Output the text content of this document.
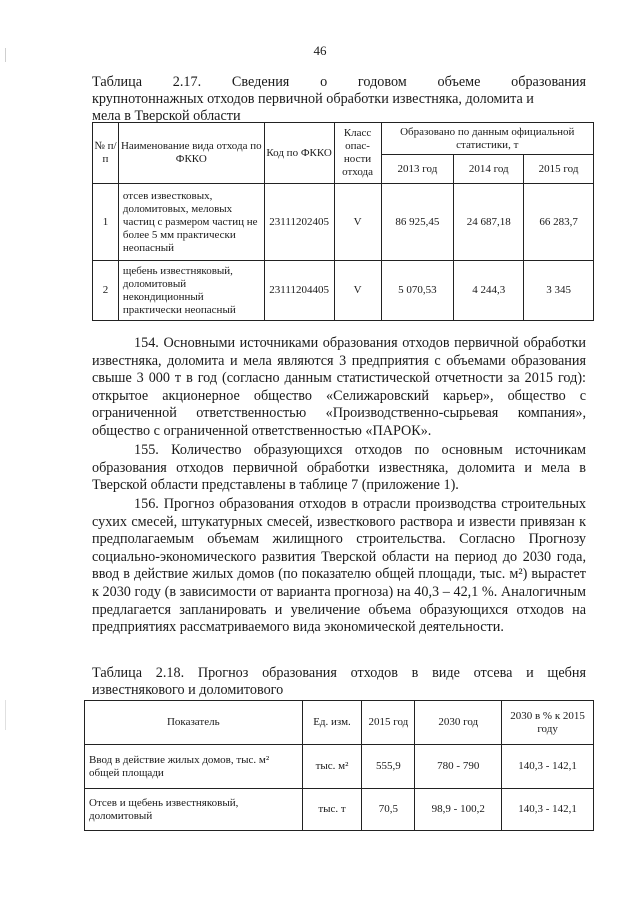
46
Таблица 2.17. Сведения о годовом объеме образования
крупнотоннажных отходов первичной обработки известняка, доломита и
мела в Тверской области
№ п/п	Наименование вида отхода по ФККО	Код по ФККО	Класс опас-ности отхода	Образовано по данным официальной статистики, т		
				2013 год	2014 год	2015 год
1	отсев известковых, доломитовых, меловых частиц с размером частиц не более 5 мм практически неопасный	23111202405	V	86 925,45	24 687,18	66 283,7
2	щебень известняковый, доломитовый некондиционный практически неопасный	23111204405	V	5 070,53	4 244,3	3 345

154. Основными источниками образования отходов первичной обработки известняка, доломита и мела являются 3 предприятия с объемами образования свыше 3 000 т в год (согласно данным статистической отчетности за 2015 год): открытое акционерное общество «Селижаровский карьер», общество с ограниченной ответственностью «Производственно-сырьевая компания», общество с ограниченной ответственностью «ПАРОК».

155. Количество образующихся отходов по основным источникам образования отходов первичной обработки известняка, доломита и мела в Тверской области представлены в таблице 7 (приложение 1).

156. Прогноз образования отходов в отрасли производства строительных сухих смесей, штукатурных смесей, известкового раствора и извести привязан к предполагаемым объемам жилищного строительства. Согласно Прогнозу социально-экономического развития Тверской области на период до 2030 года, ввод в действие жилых домов (по показателю общей площади, тыс. м²) вырастет к 2030 году (в зависимости от варианта прогноза) на 40,3 – 42,1 %. Аналогичным предлагается запланировать и увеличение объема образующихся отходов на предприятиях рассматриваемого вида экономической деятельности.

Таблица 2.18. Прогноз образования отходов в виде отсева и щебня
известнякового и доломитового
Показатель	Ед. изм.	2015 год	2030 год	2030 в % к 2015 году
Ввод в действие жилых домов, тыс. м² общей площади	тыс. м²	555,9	780 - 790	140,3 - 142,1
Отсев и щебень известняковый, доломитовый	тыс. т	70,5	98,9 - 100,2	140,3 - 142,1
